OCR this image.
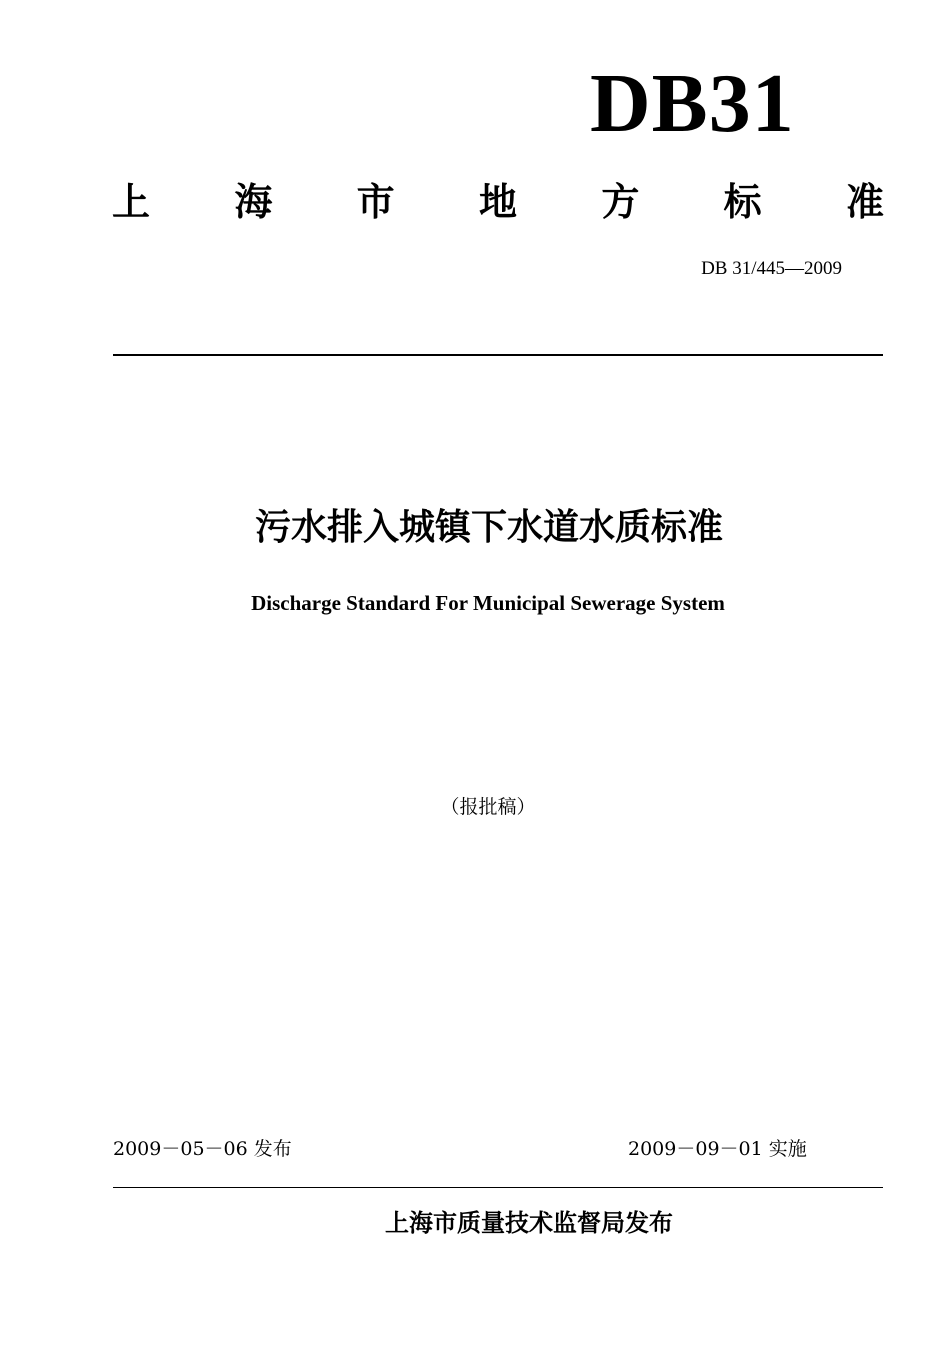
DB31
上 海 市 地 方 标 准
DB 31/445—2009
污水排入城镇下水道水质标准
Discharge Standard For Municipal Sewerage System
（报批稿）
2009－05－06 发布	2009－09－01 实施
上海市质量技术监督局发布
